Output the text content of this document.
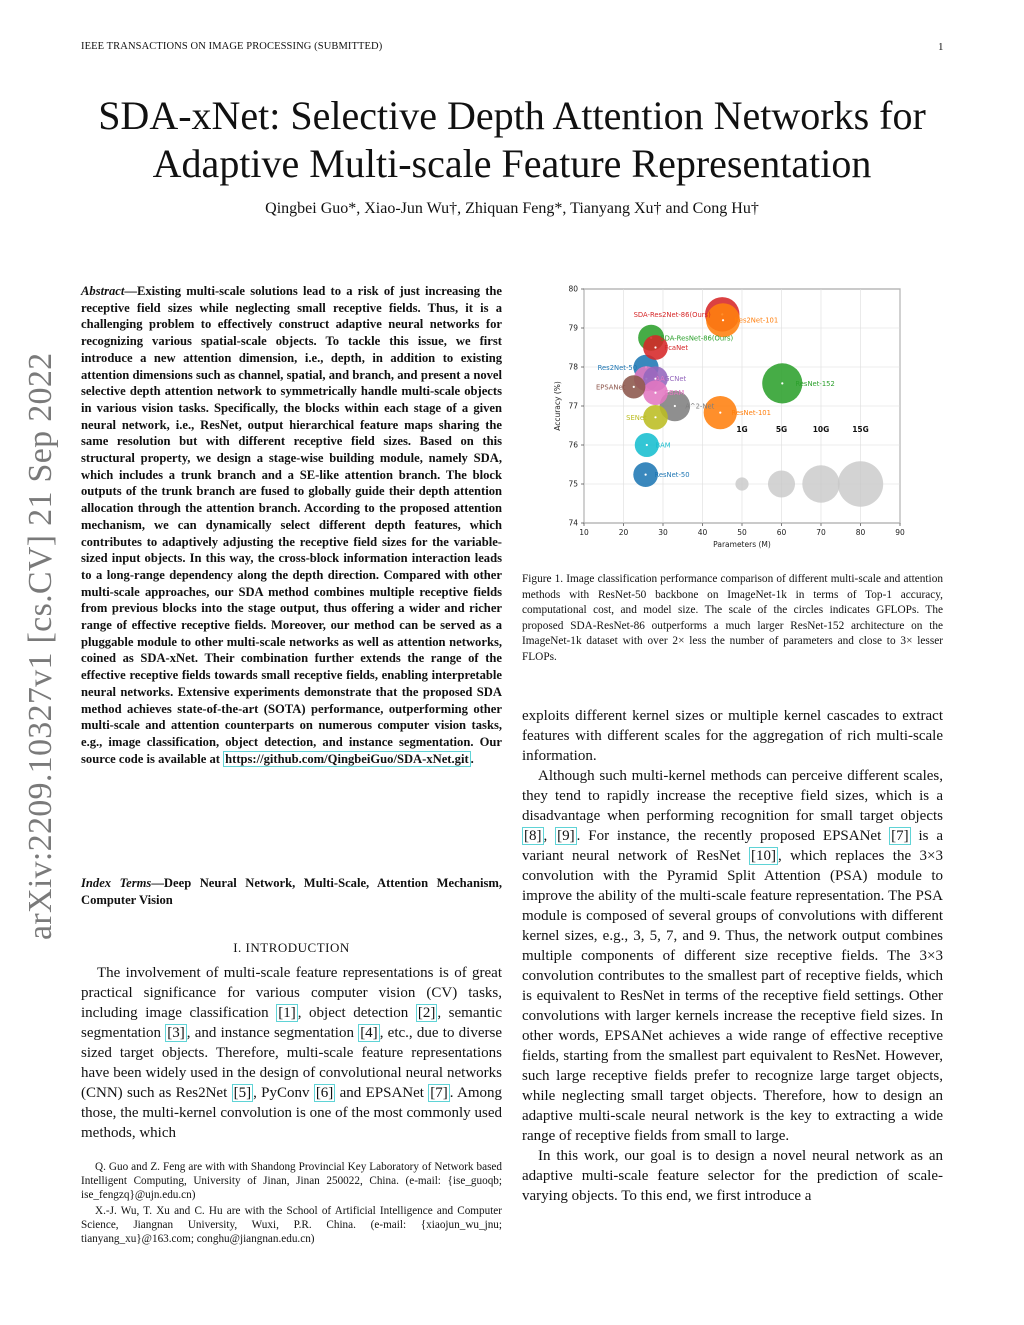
IEEE TRANSACTIONS ON IMAGE PROCESSING (SUBMITTED)	1
SDA-xNet: Selective Depth Attention Networks for
Adaptive Multi-scale Feature Representation
Qingbei Guo*, Xiao-Jun Wu†, Zhiquan Feng*, Tianyang Xu† and Cong Hu†
arXiv:2209.10327v1 [cs.CV] 21 Sep 2022
Abstract—Existing multi-scale solutions lead to a risk of just increasing the receptive field sizes while neglecting small receptive fields. Thus, it is a challenging problem to effectively construct adaptive neural networks for recognizing various spatial-scale objects. To tackle this issue, we first introduce a new attention dimension, i.e., depth, in addition to existing attention dimensions such as channel, spatial, and branch, and present a novel selective depth attention network to symmetrically handle multi-scale objects in various vision tasks. Specifically, the blocks within each stage of a given neural network, i.e., ResNet, output hierarchical feature maps sharing the same resolution but with different receptive field sizes. Based on this structural property, we design a stage-wise building module, namely SDA, which includes a trunk branch and a SE-like attention branch. The block outputs of the trunk branch are fused to globally guide their depth attention allocation through the attention branch. According to the proposed attention mechanism, we can dynamically select different depth features, which contributes to adaptively adjusting the receptive field sizes for the variable-sized input objects. In this way, the cross-block information interaction leads to a long-range dependency along the depth direction. Compared with other multi-scale approaches, our SDA method combines multiple receptive fields from previous blocks into the stage output, thus offering a wider and richer range of effective receptive fields. Moreover, our method can be served as a pluggable module to other multi-scale networks as well as attention networks, coined as SDA-xNet. Their combination further extends the range of the effective receptive fields towards small receptive fields, enabling interpretable neural networks. Extensive experiments demonstrate that the proposed SDA method achieves state-of-the-art (SOTA) performance, outperforming other multi-scale and attention counterparts on numerous computer vision tasks, e.g., image classification, object detection, and instance segmentation. Our source code is available at https://github.com/QingbeiGuo/SDA-xNet.git .
Index Terms—Deep Neural Network, Multi-Scale, Attention Mechanism, Computer Vision
I. INTRODUCTION

The involvement of multi-scale feature representations is of great practical significance for various computer vision (CV) tasks, including image classification [1] , object detection [2] , semantic segmentation [3] , and instance segmentation [4] , etc., due to diverse sized target objects. Therefore, multi-scale feature representations have been widely used in the design of convolutional neural networks (CNN) such as Res2Net [5] , PyConv [6] and EPSANet [7] . Among those, the multi-kernel convolution is one of the most commonly used methods, which

Q. Guo and Z. Feng are with with Shandong Provincial Key Laboratory of Network based Intelligent Computing, University of Jinan, Jinan 250022, China. (e-mail: {ise_guoqb; ise_fengzq}@ujn.edu.cn)

X.-J. Wu, T. Xu and C. Hu are with the School of Artificial Intelligence and Computer Science, Jiangnan University, Wuxi, P.R. China. (e-mail: {xiaojun_wu_jnu; tianyang_xu}@163.com; conghu@jiangnan.edu.cn)

10	20	30	40	50	60	70	80	90
74
75
76
77
78
79
80
Parameters (M)
Accuracy (%)	1G	5G	10G	15G
SDA-Res2Net-86(Ours)
Res2Net-101
SDA-ResNet-86(Ours)
FcaNet
Res2Net-50
GCNet
EPSANet
AA
CBAM
A^2-Net
SENet
ResNet-101
ResNet-152
BAM
ResNet-50
Figure 1. Image classification performance comparison of different multi-scale and attention methods with ResNet-50 backbone on ImageNet-1k in terms of Top-1 accuracy, computational cost, and model size. The scale of the circles indicates GFLOPs. The proposed SDA-ResNet-86 outperforms a much larger ResNet-152 architecture on the ImageNet-1k dataset with over 2× less the number of parameters and close to 3× lesser FLOPs.

exploits different kernel sizes or multiple kernel cascades to extract features with different scales for the aggregation of rich multi-scale information.

Although such multi-kernel methods can perceive different scales, they tend to rapidly increase the receptive field sizes, which is a disadvantage when performing recognition for small target objects [8] , [9] . For instance, the recently proposed EPSANet [7] is a variant neural network of ResNet [10] , which replaces the 3×3 convolution with the Pyramid Split Attention (PSA) module to improve the ability of the multi-scale feature representation. The PSA module is composed of several groups of convolutions with different kernel sizes, e.g., 3, 5, 7, and 9. Thus, the network output combines multiple components of different size receptive fields. The 3×3 convolution contributes to the smallest part of receptive fields, which is equivalent to ResNet in terms of the receptive field settings. Other convolutions with larger kernels increase the receptive field sizes. In other words, EPSANet achieves a wide range of effective receptive fields, starting from the smallest part equivalent to ResNet. However, such large receptive fields prefer to recognize large target objects, while neglecting small target objects. Therefore, how to design an adaptive multi-scale neural network is the key to extracting a wide range of receptive fields from small to large.

In this work, our goal is to design a novel neural network as an adaptive multi-scale feature selector for the prediction of scale-varying objects. To this end, we first introduce a
